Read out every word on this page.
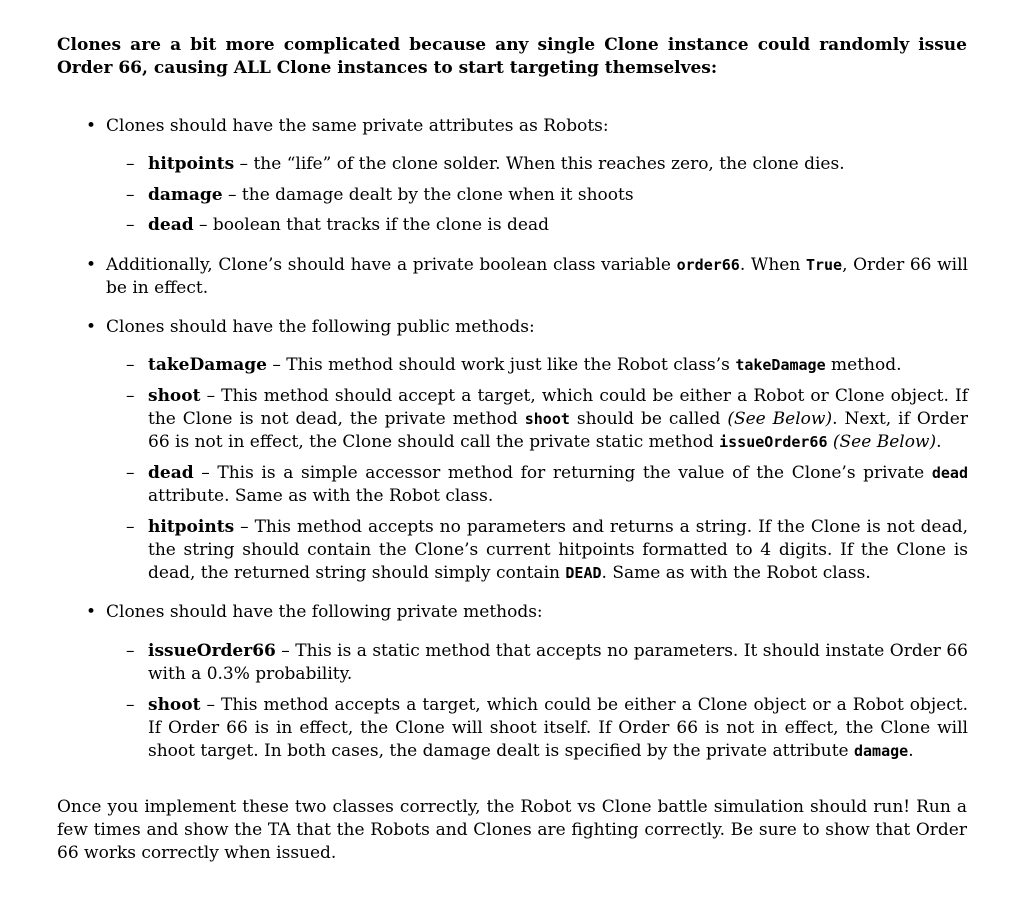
Clones are a bit more complicated because any single Clone instance could randomly issue Order 66, causing ALL Clone instances to start targeting themselves:

• Clones should have the same private attributes as Robots:
– hitpoints – the “life” of the clone solder. When this reaches zero, the clone dies.
– damage – the damage dealt by the clone when it shoots
– dead – boolean that tracks if the clone is dead
• Additionally, Clone’s should have a private boolean class variable order66. When True, Order 66 will be in effect.
• Clones should have the following public methods:
– takeDamage – This method should work just like the Robot class’s takeDamage method.
– shoot – This method should accept a target, which could be either a Robot or Clone object. If the Clone is not dead, the private method shoot should be called (See Below). Next, if Order 66 is not in effect, the Clone should call the private static method issueOrder66 (See Below).
– dead – This is a simple accessor method for returning the value of the Clone’s private dead attribute. Same as with the Robot class.
– hitpoints – This method accepts no parameters and returns a string. If the Clone is not dead, the string should contain the Clone’s current hitpoints formatted to 4 digits. If the Clone is dead, the returned string should simply contain DEAD. Same as with the Robot class.
• Clones should have the following private methods:
– issueOrder66 – This is a static method that accepts no parameters. It should instate Order 66 with a 0.3% probability.
– shoot – This method accepts a target, which could be either a Clone object or a Robot object. If Order 66 is in effect, the Clone will shoot itself. If Order 66 is not in effect, the Clone will shoot target. In both cases, the damage dealt is specified by the private attribute damage.

Once you implement these two classes correctly, the Robot vs Clone battle simulation should run! Run a few times and show the TA that the Robots and Clones are fighting correctly. Be sure to show that Order 66 works correctly when issued.
